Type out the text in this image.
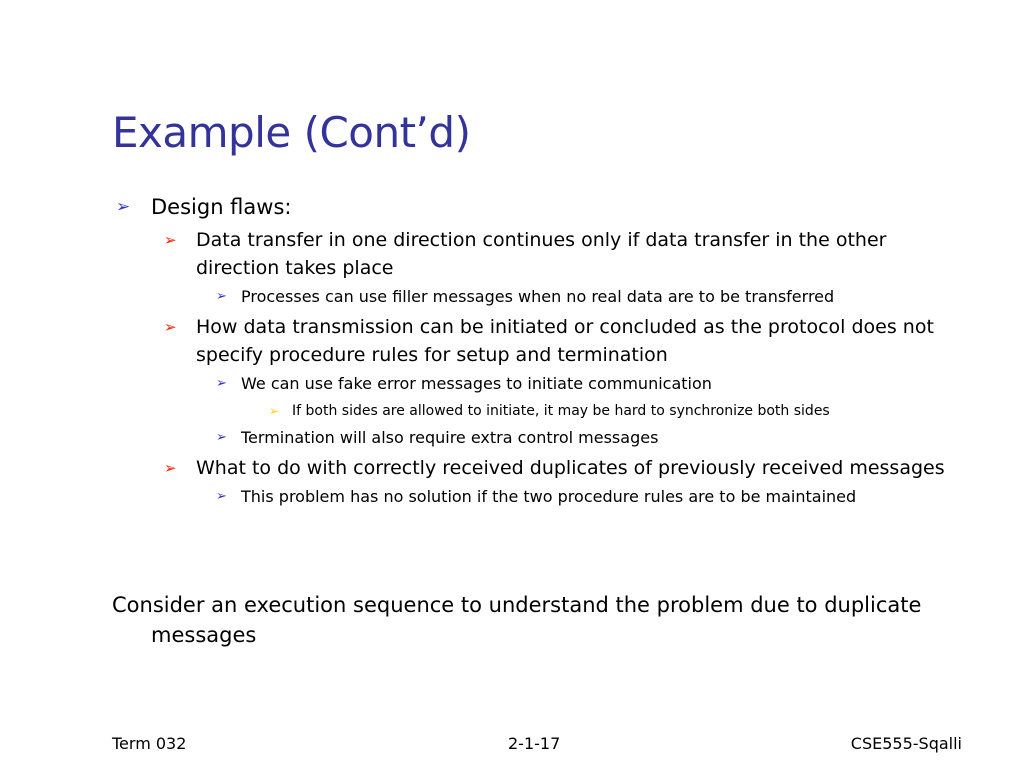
Example (Cont’d)
➢ Design flaws:
➢ Data transfer in one direction continues only if data transfer in the other direction takes place
➢ Processes can use filler messages when no real data are to be transferred
➢ How data transmission can be initiated or concluded as the protocol does not specify procedure rules for setup and termination
➢ We can use fake error messages to initiate communication
➢ If both sides are allowed to initiate, it may be hard to synchronize both sides
➢ Termination will also require extra control messages
➢ What to do with correctly received duplicates of previously received messages
➢ This problem has no solution if the two procedure rules are to be maintained
Consider an execution sequence to understand the problem due to duplicate messages
Term 032	2-1-17	CSE555-Sqalli
